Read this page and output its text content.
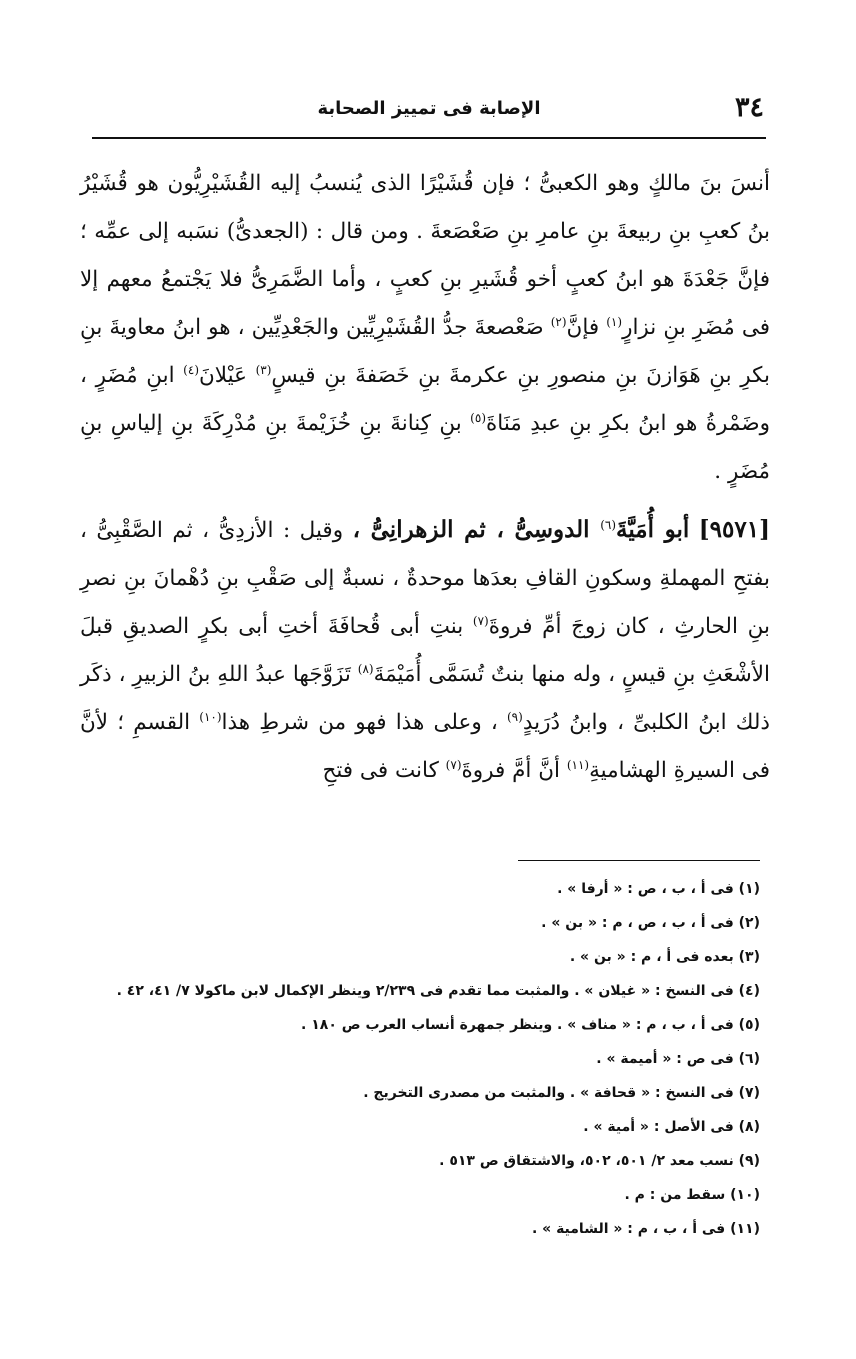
٣٤
الإصابة فى تمييز الصحابة

أنسَ بنَ مالكٍ وهو الكعبىُّ ؛ فإن قُشَيْرًا الذى يُنسبُ إليه القُشَيْرِيُّون هو قُشَيْرُ بنُ كعبِ بنِ ربيعةَ بنِ عامرِ بنِ صَعْصَعةَ . ومن قال : (الجعدىُّ) نسَبه إلى عمِّه ؛ فإنَّ جَعْدَةَ هو ابنُ كعبٍ أخو قُشَيرِ بنِ كعبٍ ، وأما الضَّمَرِىُّ فلا يَجْتمعُ معهم إلا فى مُضَرِ بنِ نزارٍ$^{(١)}$ فإنَّ$^{(٢)}$ صَعْصعةَ جدُّ القُشَيْرِيِّين والجَعْدِيِّين ، هو ابنُ معاويةَ بنِ بكرِ بنِ هَوَازنَ بنِ منصورِ بنِ عكرمةَ بنِ خَصَفةَ بنِ قيسٍ$^{(٣)}$ عَيْلانَ$^{(٤)}$ ابنِ مُضَرٍ ، وضَمْرةُ هو ابنُ بكرِ بنِ عبدِ مَنَاةَ$^{(٥)}$ بنِ كِنانةَ بنِ خُزَيْمةَ بنِ مُدْرِكَةَ بنِ إلياسِ بنِ مُضَرٍ .

[٩٥٧١] أبو أُمَيَّةَ$^{(٦)}$ الدوسِىُّ ، ثم الزهرانِىُّ ، وقيل : الأزدِىُّ ، ثم الصَّقْبِىُّ ، بفتحِ المهملةِ وسكونِ القافِ بعدَها موحدةٌ ، نسبةٌ إلى صَقْبِ بنِ دُهْمانَ بنِ نصرِ بنِ الحارثِ ، كان زوجَ أمِّ فروةَ$^{(٧)}$ بنتِ أبى قُحافَةَ أختِ أبى بكرٍ الصديقِ قبلَ الأشْعَثِ بنِ قيسٍ ، وله منها بنتٌ تُسَمَّى أُمَيْمَةَ$^{(٨)}$ تَزَوَّجَها عبدُ اللهِ بنُ الزبيرِ ، ذكَر ذلك ابنُ الكلبىِّ ، وابنُ دُرَيدٍ$^{(٩)}$ ، وعلى هذا فهو من شرطِ هذا$^{(١٠)}$ القسمِ ؛ لأنَّ فى السيرةِ الهشاميةِ$^{(١١)}$ أنَّ أمَّ فروةَ$^{(٧)}$ كانت فى فتحِ

(١) فى أ ، ب ، ص : « أرفا » .
(٢) فى أ ، ب ، ص ، م : « بن » .
(٣) بعده فى أ ، م : « بن » .
(٤) فى النسخ : « غيلان » . والمثبت مما تقدم فى ٢/٢٣٩ وينظر الإكمال لابن ماكولا ٧/ ٤١، ٤٢ .
(٥) فى أ ، ب ، م : « مناف » . وينظر جمهرة أنساب العرب ص ١٨٠ .
(٦) فى ص : « أميمة » .
(٧) فى النسخ : « قحافة » . والمثبت من مصدرى التخريج .
(٨) فى الأصل : « أمية » .
(٩) نسب معد ٢/ ٥٠١، ٥٠٢، والاشتقاق ص ٥١٣ .
(١٠) سقط من : م .
(١١) فى أ ، ب ، م : « الشامية » .
